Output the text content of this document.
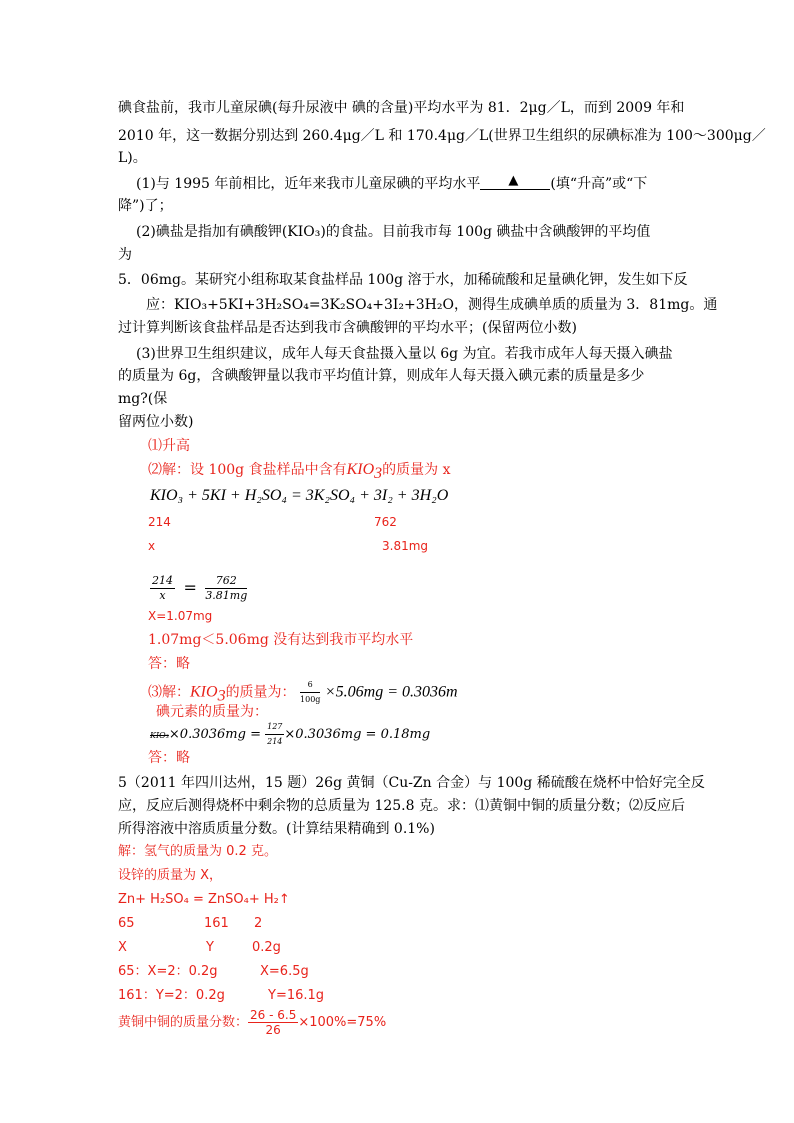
碘食盐前，我市儿童尿碘(每升尿液中 碘的含量)平均水平为 81．2μg／L，而到 2009 年和
2010 年，这一数据分别达到 260.4μg／L 和 170.4μg／L(世界卫生组织的尿碘标准为 100～300μg／
L)。
(1)与 1995 年前相比，近年来我市儿童尿碘的平均水平 ▲ (填“升高”或“下
降”)了；
(2)碘盐是指加有碘酸钾(KIO₃)的食盐。目前我市每 100g 碘盐中含碘酸钾的平均值
为
5．06mg。某研究小组称取某食盐样品 100g 溶于水，加稀硫酸和足量碘化钾，发生如下反
应：KIO₃+5KI+3H₂SO₄=3K₂SO₄+3I₂+3H₂O，测得生成碘单质的质量为 3．81mg。通
过计算判断该食盐样品是否达到我市含碘酸钾的平均水平；(保留两位小数)
(3)世界卫生组织建议，成年人每天食盐摄入量以 6g 为宜。若我市成年人每天摄入碘盐
的质量为 6g，含碘酸钾量以我市平均值计算，则成年人每天摄入碘元素的质量是多少
mg?(保
留两位小数)
⑴升高
⑵解：设 100g 食盐样品中含有$KIO_3$的质量为 x
KIO₃ + 5KI + H₂SO₄ = 3K₂SO₄ + 3I₂ + 3H₂O
214	762
x	3.81mg
$\frac{214}{x} = \frac{762}{3.81mg}$
X=1.07mg
1.07mg＜5.06mg 没有达到我市平均水平
答：略
⑶解：$KIO_3$的质量为： $\frac{6}{100g} \times 5.06mg = 0.3036m$
碘元素的质量为：
$KIO_3\times 0.3036mg = \frac{127}{214} \times 0.3036mg = 0.18mg$
答：略
5（2011 年四川达州，15 题）26g 黄铜（Cu-Zn 合金）与 100g 稀硫酸在烧杯中恰好完全反
应，反应后测得烧杯中剩余物的总质量为 125.8 克。求：⑴黄铜中铜的质量分数；⑵反应后
所得溶液中溶质质量分数。(计算结果精确到 0.1%)
解：氢气的质量为 0.2 克。
设锌的质量为 X，
Zn+ H₂SO₄ = ZnSO₄+ H₂↑
65	161 2
X	Y	0.2g
65：X=2：0.2g	X=6.5g
161：Y=2：0.2g	Y=16.1g
黄铜中铜的质量分数： $\frac{26 - 6.5}{26} \times 100\%=75\%$
